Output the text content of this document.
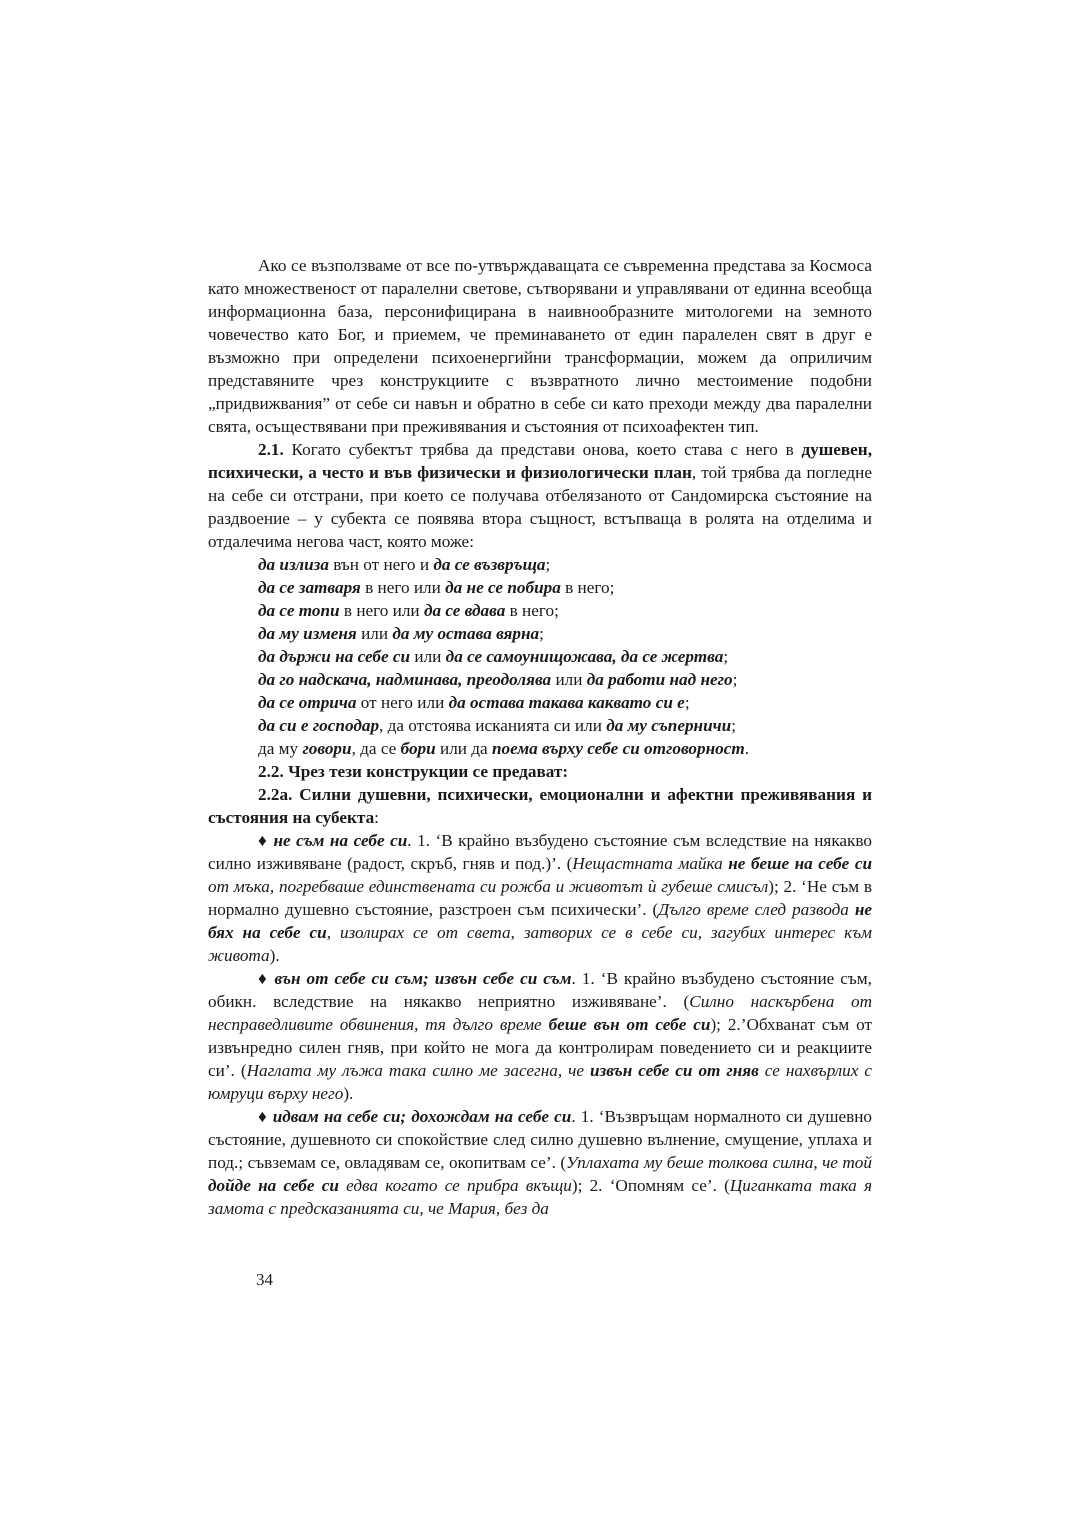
Ако се възползваме от все по-утвърждаващата се съвременна представа за Космоса като множественост от паралелни светове, сътворявани и управлявани от единна всеобща информационна база, персонифицирана в наивнообразните митологеми на земното човечество като Бог, и приемем, че преминаването от един паралелен свят в друг е възможно при определени психоенергийни трансформации, можем да оприличим представяните чрез конструкциите с възвратното лично местоимение подобни „придвижвания” от себе си навън и обратно в себе си като преходи между два паралелни свята, осъществявани при преживявания и състояния от психоафектен тип.

2.1. Когато субектът трябва да представи онова, което става с него в душевен, психически, а често и във физически и физиологически план, той трябва да погледне на себе си отстрани, при което се получава отбелязаното от Сандомирска състояние на раздвоение – у субекта се появява втора същност, встъпваща в ролята на отделима и отдалечима негова част, която може:

да излиза вън от него и да се възвръща;

да се затваря в него или да не се побира в него;

да се топи в него или да се вдава в него;

да му изменя или да му остава вярна;

да държи на себе си или да се самоунищожава, да се жертва;

да го надскача, надминава, преодолява или да работи над него;

да се отрича от него или да остава такава каквато си е;

да си е господар, да отстоява исканията си или да му съперничи;

да му говори, да се бори или да поема върху себе си отговорност.

2.2. Чрез тези конструкции се предават:

2.2а. Силни душевни, психически, емоционални и афектни преживявания и състояния на субекта:

♦ не съм на себе си. 1. ‘В крайно възбудено състояние съм вследствие на някакво силно изживяване (радост, скръб, гняв и под.)’. (Нещастната майка не беше на себе си от мъка, погребваше единствената си рожба и животът ѝ губеше смисъл); 2. ‘Не съм в нормално душевно състояние, разстроен съм психически’. (Дълго време след развода не бях на себе си, изолирах се от света, затворих се в себе си, загубих интерес към живота).

♦ вън от себе си съм; извън себе си съм. 1. ‘В крайно възбудено състояние съм, обикн. вследствие на някакво неприятно изживяване’. (Силно наскърбена от несправедливите обвинения, тя дълго време беше вън от себе си); 2.’Обхванат съм от извънредно силен гняв, при който не мога да контролирам поведението си и реакциите си’. (Наглата му лъжа така силно ме засегна, че извън себе си от гняв се нахвърлих с юмруци върху него).

♦ идвам на себе си; дохождам на себе си. 1. ‘Възвръщам нормалното си душевно състояние, душевното си спокойствие след силно душевно вълнение, смущение, уплаха и под.; съвземам се, овладявам се, окопитвам се’. (Уплахата му беше толкова силна, че той дойде на себе си едва когато се прибра вкъщи); 2. ‘Опомням се’. (Циганката така я замота с предсказанията си, че Мария, без да

34
